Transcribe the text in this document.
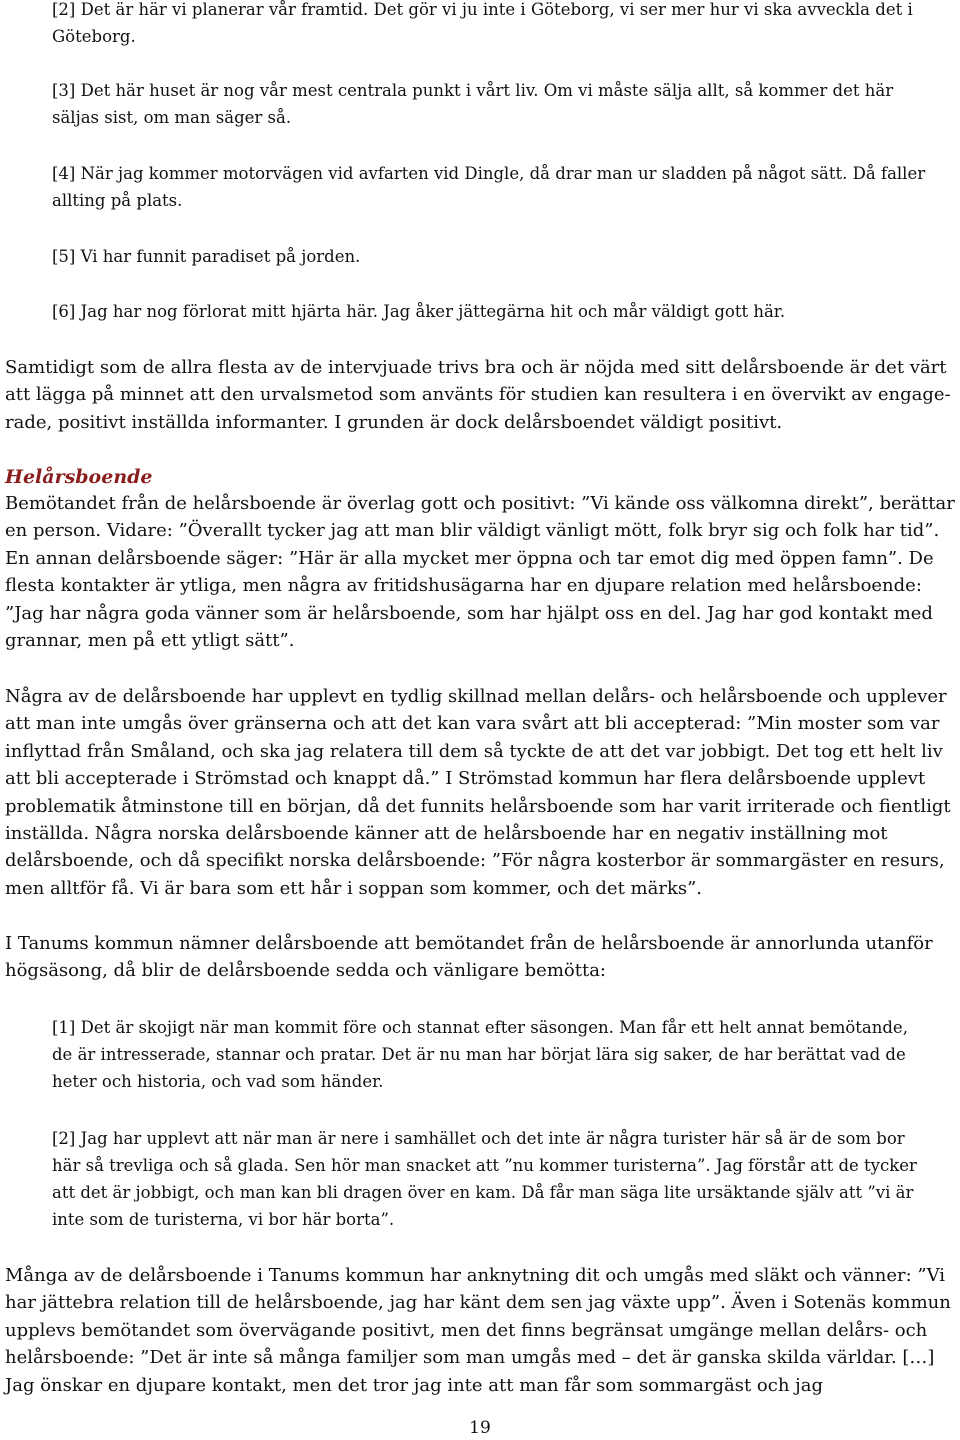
[2] Det är här vi planerar vår framtid. Det gör vi ju inte i Göteborg, vi ser mer hur vi ska avveckla det i Göteborg.

[3] Det här huset är nog vår mest centrala punkt i vårt liv. Om vi måste sälja allt, så kommer det här säljas sist, om man säger så.

[4] När jag kommer motorvägen vid avfarten vid Dingle, då drar man ur sladden på något sätt. Då faller allting på plats.

[5] Vi har funnit paradiset på jorden.

[6] Jag har nog förlorat mitt hjärta här. Jag åker jättegärna hit och mår väldigt gott här.

Samtidigt som de allra flesta av de intervjuade trivs bra och är nöjda med sitt delårsboende är det värt att lägga på minnet att den urvalsmetod som använts för studien kan resultera i en övervikt av engage-rade, positivt inställda informanter. I grunden är dock delårsboendet väldigt positivt.

Helårsboende

Bemötandet från de helårsboende är överlag gott och positivt: ”Vi kände oss välkomna direkt”, berättar en person. Vidare: ”Överallt tycker jag att man blir väldigt vänligt mött, folk bryr sig och folk har tid”. En annan delårsboende säger: ”Här är alla mycket mer öppna och tar emot dig med öppen famn”. De flesta kontakter är ytliga, men några av fritidshusägarna har en djupare relation med helårsboende: ”Jag har några goda vänner som är helårsboende, som har hjälpt oss en del. Jag har god kontakt med grannar, men på ett ytligt sätt”.

Några av de delårsboende har upplevt en tydlig skillnad mellan delårs- och helårsboende och upplever att man inte umgås över gränserna och att det kan vara svårt att bli accepterad: ”Min moster som var inflyttad från Småland, och ska jag relatera till dem så tyckte de att det var jobbigt. Det tog ett helt liv att bli accepterade i Strömstad och knappt då.” I Strömstad kommun har flera delårsboende upplevt problematik åtminstone till en början, då det funnits helårsboende som har varit irriterade och fientligt inställda. Några norska delårsboende känner att de helårsboende har en negativ inställning mot delårsboende, och då specifikt norska delårsboende: ”För några kosterbor är sommargäster en resurs, men alltför få. Vi är bara som ett hår i soppan som kommer, och det märks”.

I Tanums kommun nämner delårsboende att bemötandet från de helårsboende är annorlunda utanför högsäsong, då blir de delårsboende sedda och vänligare bemötta:

[1] Det är skojigt när man kommit före och stannat efter säsongen. Man får ett helt annat bemötande, de är intresserade, stannar och pratar. Det är nu man har börjat lära sig saker, de har berättat vad de heter och historia, och vad som händer.

[2] Jag har upplevt att när man är nere i samhället och det inte är några turister här så är de som bor här så trevliga och så glada. Sen hör man snacket att ”nu kommer turisterna”. Jag förstår att de tycker att det är jobbigt, och man kan bli dragen över en kam. Då får man säga lite ursäktande själv att ”vi är inte som de turisterna, vi bor här borta”.

Många av de delårsboende i Tanums kommun har anknytning dit och umgås med släkt och vänner: ”Vi har jättebra relation till de helårsboende, jag har känt dem sen jag växte upp”. Även i Sotenäs kommun upplevs bemötandet som övervägande positivt, men det finns begränsat umgänge mellan delårs- och helårsboende: ”Det är inte så många familjer som man umgås med – det är ganska skilda världar. […] Jag önskar en djupare kontakt, men det tror jag inte att man får som sommargäst och jag

19
